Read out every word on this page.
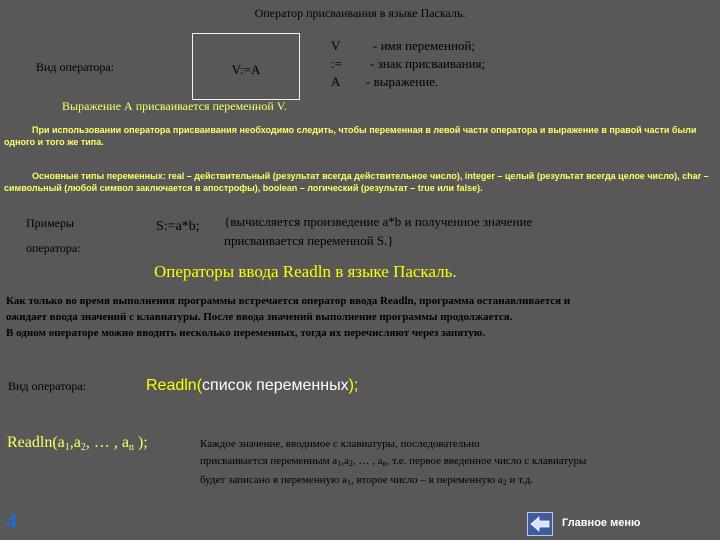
Оператор присваивания в языке Паскаль.
Вид оператора:	V:=A
V	- имя переменной;
:= - знак присваивания;
A - выражение.
Выражение А присваивается переменной V.
При использовании оператора присваивания необходимо следить, чтобы переменная в левой части оператора и выражение в правой части были одного и того же типа.
Основные типы переменных: real – действительный (результат всегда действительное число), integer – целый (результат всегда целое число), char – символьный (любой символ заключается в апострофы), boolean – логический (результат – true или false).
Примеры
оператора:
S:=a*b; {вычисляется произведение a*b и полученное значение присваивается переменной S.}
Операторы ввода Readln в языке Паскаль.
Как только во время выполнения программы встречается оператор ввода Readln, программа останавливается и
ожидает ввода значений с клавиатуры. После ввода значений выполнение программы продолжается.
В одном операторе можно вводить несколько переменных, тогда их перечисляют через запятую.
Вид оператора:	Readln(список переменных);
$Readln(a_1,a_2$, … , $a_n$ );	Каждое значение, вводимое с клавиатуры, последовательно
присваивается переменным $a_1,a_2$, … , $a_n$, т.е. первое введенное число с клавиатуры
будет записано в переменную $a_1$, второе число – в переменную $a_2$ и т.д.
4	Главное меню
